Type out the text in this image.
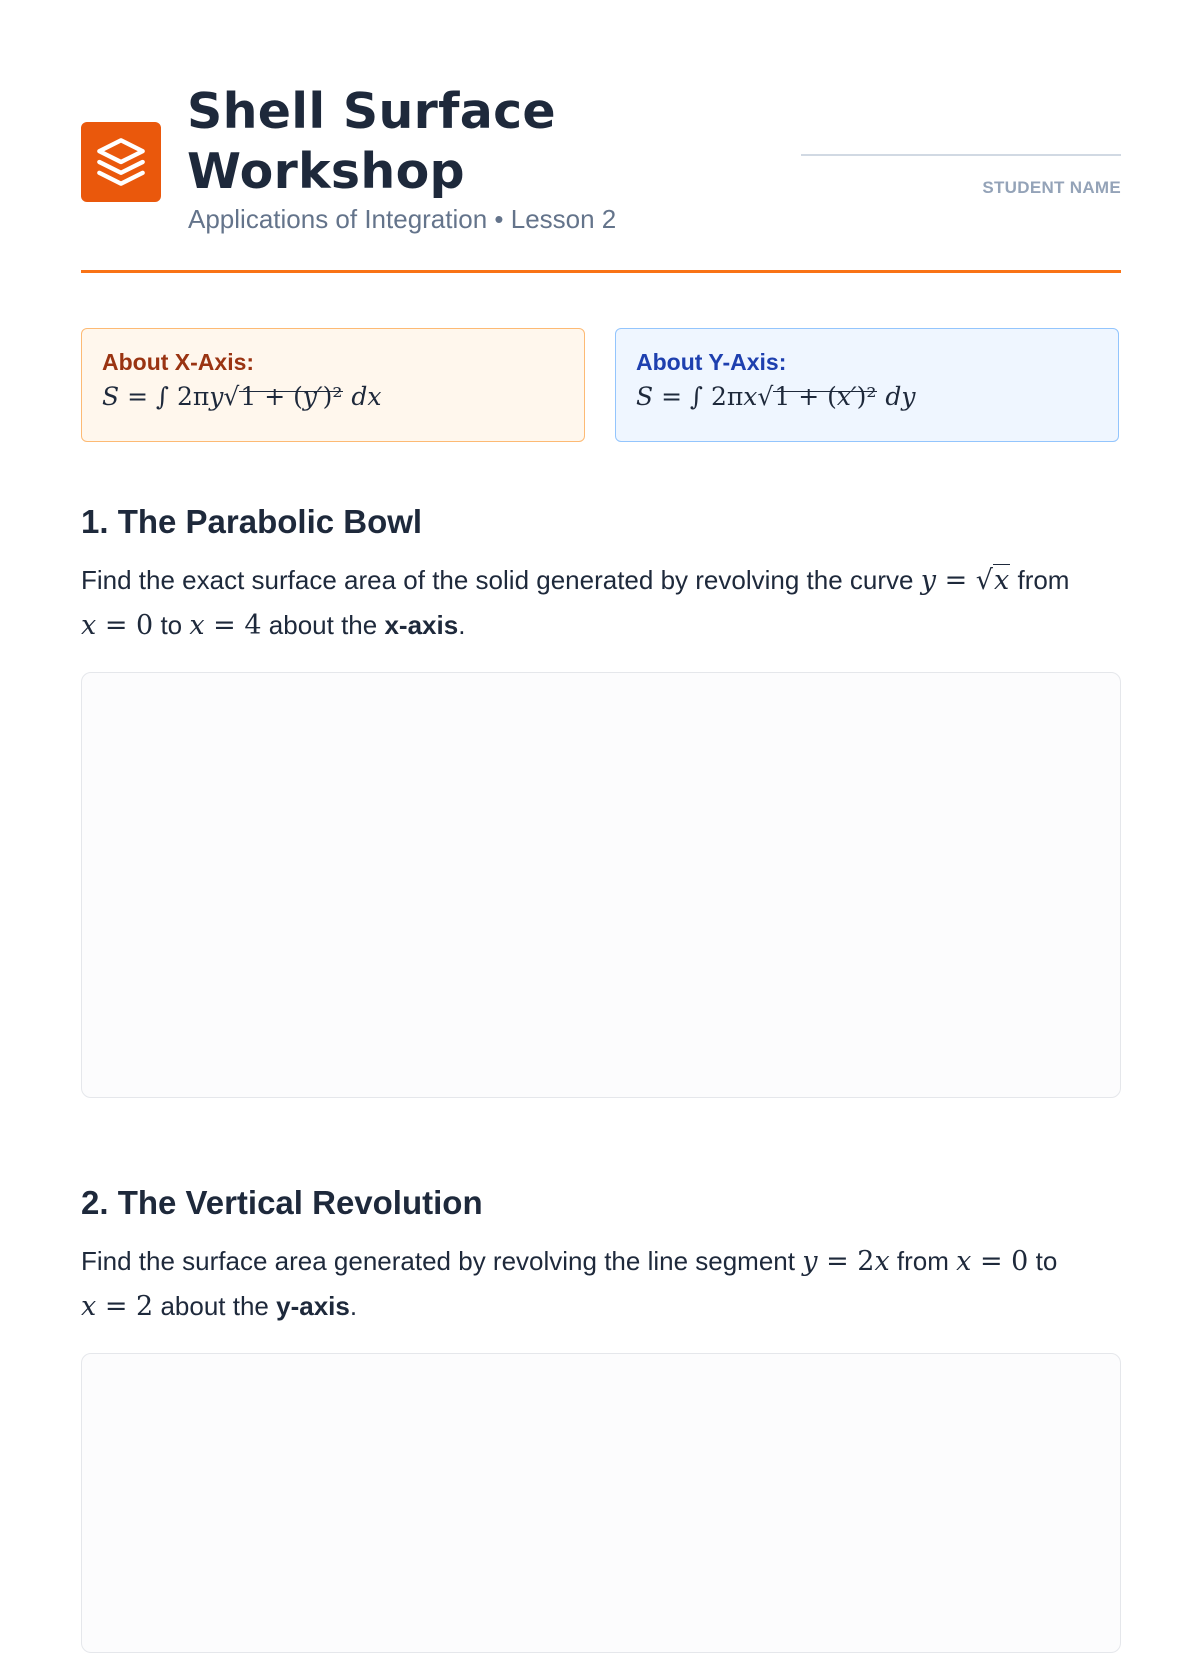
Shell Surface
Workshop
Applications of Integration • Lesson 2
STUDENT NAME
About X-Axis:
S = ∫ 2πy√1 + (y′)² dx
About Y-Axis:
S = ∫ 2πx√1 + (x′)² dy
1. The Parabolic Bowl
Find the exact surface area of the solid generated by revolving the curve y = √x from
x = 0 to x = 4 about the x-axis.
2. The Vertical Revolution
Find the surface area generated by revolving the line segment y = 2x from x = 0 to
x = 2 about the y-axis.
